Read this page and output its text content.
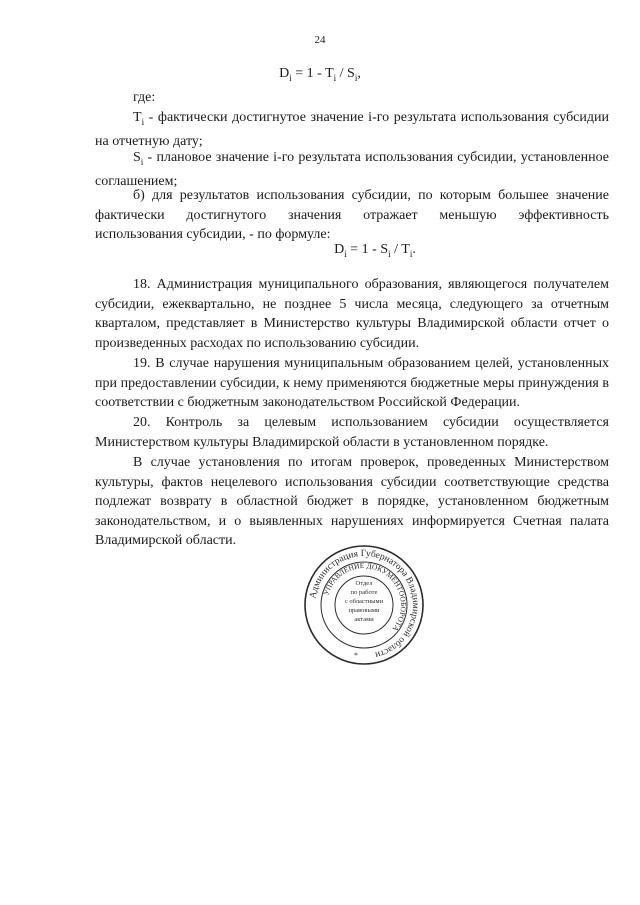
24
$D_i = 1 - T_i / S_i$,
где:
$T_i$ - фактически достигнутое значение i-го результата использования субсидии на отчетную дату;
$S_i$ - плановое значение i-го результата использования субсидии, установленное соглашением;
б) для результатов использования субсидии, по которым большее значение фактически достигнутого значения отражает меньшую эффективность использования субсидии, - по формуле:
$D_i = 1 - S_i / T_i$.
18. Администрация муниципального образования, являющегося получателем субсидии, ежеквартально, не позднее 5 числа месяца, следующего за отчетным кварталом, представляет в Министерство культуры Владимирской области отчет о произведенных расходах по использованию субсидии.
19. В случае нарушения муниципальным образованием целей, установленных при предоставлении субсидии, к нему применяются бюджетные меры принуждения в соответствии с бюджетным законодательством Российской Федерации.
20. Контроль за целевым использованием субсидии осуществляется Министерством культуры Владимирской области в установленном порядке.
В случае установления по итогам проверок, проведенных Министерством культуры, фактов нецелевого использования субсидии соответствующие средства подлежат возврату в областной бюджет в порядке, установленном бюджетным законодательством, и о выявленных нарушениях информируется Счетная палата Владимирской области.
Администрация Губернатора Владимирской области
УПРАВЛЕНИЕ ДОКУМЕНТООБОРОТА
Отдел
по работе
с областными
правовыми
актами
*
